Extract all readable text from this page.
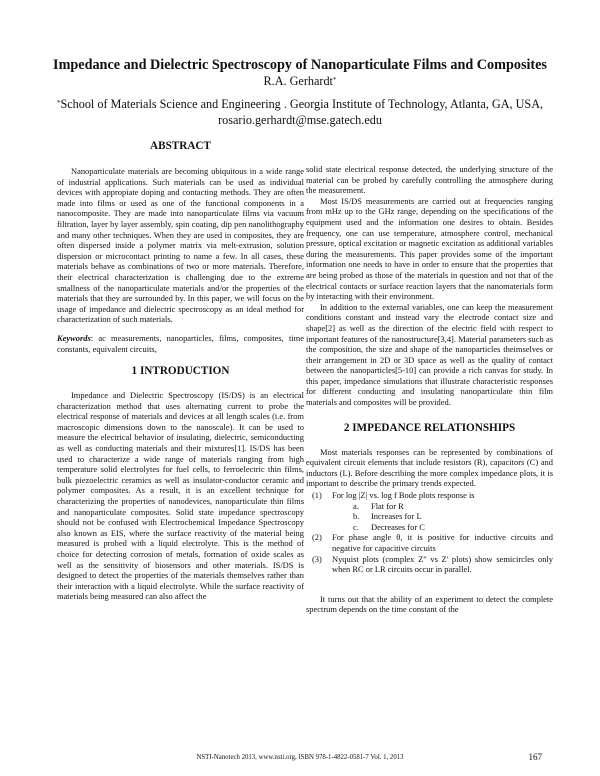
Impedance and Dielectric Spectroscopy of Nanoparticulate Films and Composites
R.A. Gerhardt*
*School of Materials Science and Engineering . Georgia Institute of Technology, Atlanta, GA, USA,
rosario.gerhardt@mse.gatech.edu
ABSTRACT

Nanoparticulate materials are becoming ubiquitous in a wide range of industrial applications. Such materials can be used as individual devices with appropiate doping and contacting methods. They are often made into films or used as one of the functional components in a nanocomposite. They are made into nanoparticulate films via vacuum filtration, layer by layer assembly, spin coating, dip pen nanolithography and many other techniques. When they are used in composites, they are often dispersed inside a polymer matrix via melt-extrusion, solution dispersion or microcontact printing to name a few. In all cases, these materials behave as combinations of two or more materials. Therefore, their electrical characterization is challenging due to the extreme smallness of the nanoparticulate materials and/or the properties of the materials that they are surrounded by. In this paper, we will focus on the usage of impedance and dielectric spectroscopy as an ideal method for characterization of such materials.

Keywords: ac measurements, nanoparticles, films, composites, time constants, equivalent circuits,

1 INTRODUCTION

Impedance and Dielectric Spectroscopy (IS/DS) is an electrical characterization method that uses alternating current to probe the electrical response of materials and devices at all length scales (i.e. from macroscopic dimensions down to the nanoscale). It can be used to measure the electrical behavior of insulating, dielectric, semiconducting as well as conducting materials and their mixtures[1]. IS/DS has been used to characterize a wide range of materials ranging from high temperature solid electrolytes for fuel cells, to ferroelectric thin films, bulk piezoelectric ceramics as well as insulator-conductor ceramic and polymer composites. As a result, it is an excellent technique for characterizing the properties of nanodevices, nanoparticulate thin films and nanoparticulate composites. Solid state impedance spectroscopy should not be confused with Electrochemical Impedance Spectroscopy also known as EIS, where the surface reactivity of the material being measured is probed with a liquid electrolyte. This is the method of choice for detecting corrosion of metals, formation of oxide scales as well as the sensitivity of biosensors and other materials. IS/DS is designed to detect the properties of the materials themselves rather than their interaction with a liquid electrolyte. While the surface reactivity of materials being measured can also affect the

solid state electrical response detected, the underlying structure of the material can be probed by carefully controlling the atmosphere during the measurement.

Most IS/DS measurements are carried out at frequencies ranging from mHz up to the GHz range, depending on the specifications of the equipment used and the information one desires to obtain. Besides frequency, one can use temperature, atmosphere control, mechanical pressure, optical excitation or magnetic excitation as additional variables during the measurements. This paper provides some of the important information one needs to have in order to ensure that the properties that are being probed as those of the materials in question and not that of the electrical contacts or surface reaction layers that the nanomaterials form by interacting with their environment.

In addition to the external variables, one can keep the measurement conditions constant and instead vary the electrode contact size and shape[2] as well as the direction of the electric field with respect to important features of the nanostructure[3,4]. Material parameters such as the composition, the size and shape of the nanoparticles theimselves or their arrangement in 2D or 3D space as well as the quality of contact between the nanoparticles[5-10] can provide a rich canvas for study. In this paper, impedance simulations that illustrate characteristic responses for different conducting and insulating nanoparticulate thin film materials and composites will be provided.

2 IMPEDANCE RELATIONSHIPS

Most materials responses can be represented by combinations of equivalent circuit elements that include resistors (R), capacitors (C) and inductors (L). Before describing the more complex impedance plots, it is important to describe the primary trends expected.

(1) For log |Z| vs. log f Bode plots response is
a. Flat for R
b. Increases for L
c. Decreases for C
(2) For phase angle θ, it is positive for inductive circuits and negative for capacitive circuits
(3) Nyquist plots (complex Z" vs Z' plots) show semicircles only when RC or LR circuits occur in parallel.

It turns out that the ability of an experiment to detect the complete spectrum depends on the time constant of the

NSTI-Nanotech 2013, www.nsti.org, ISBN 978-1-4822-0581-7 Vol. 1, 2013	167
